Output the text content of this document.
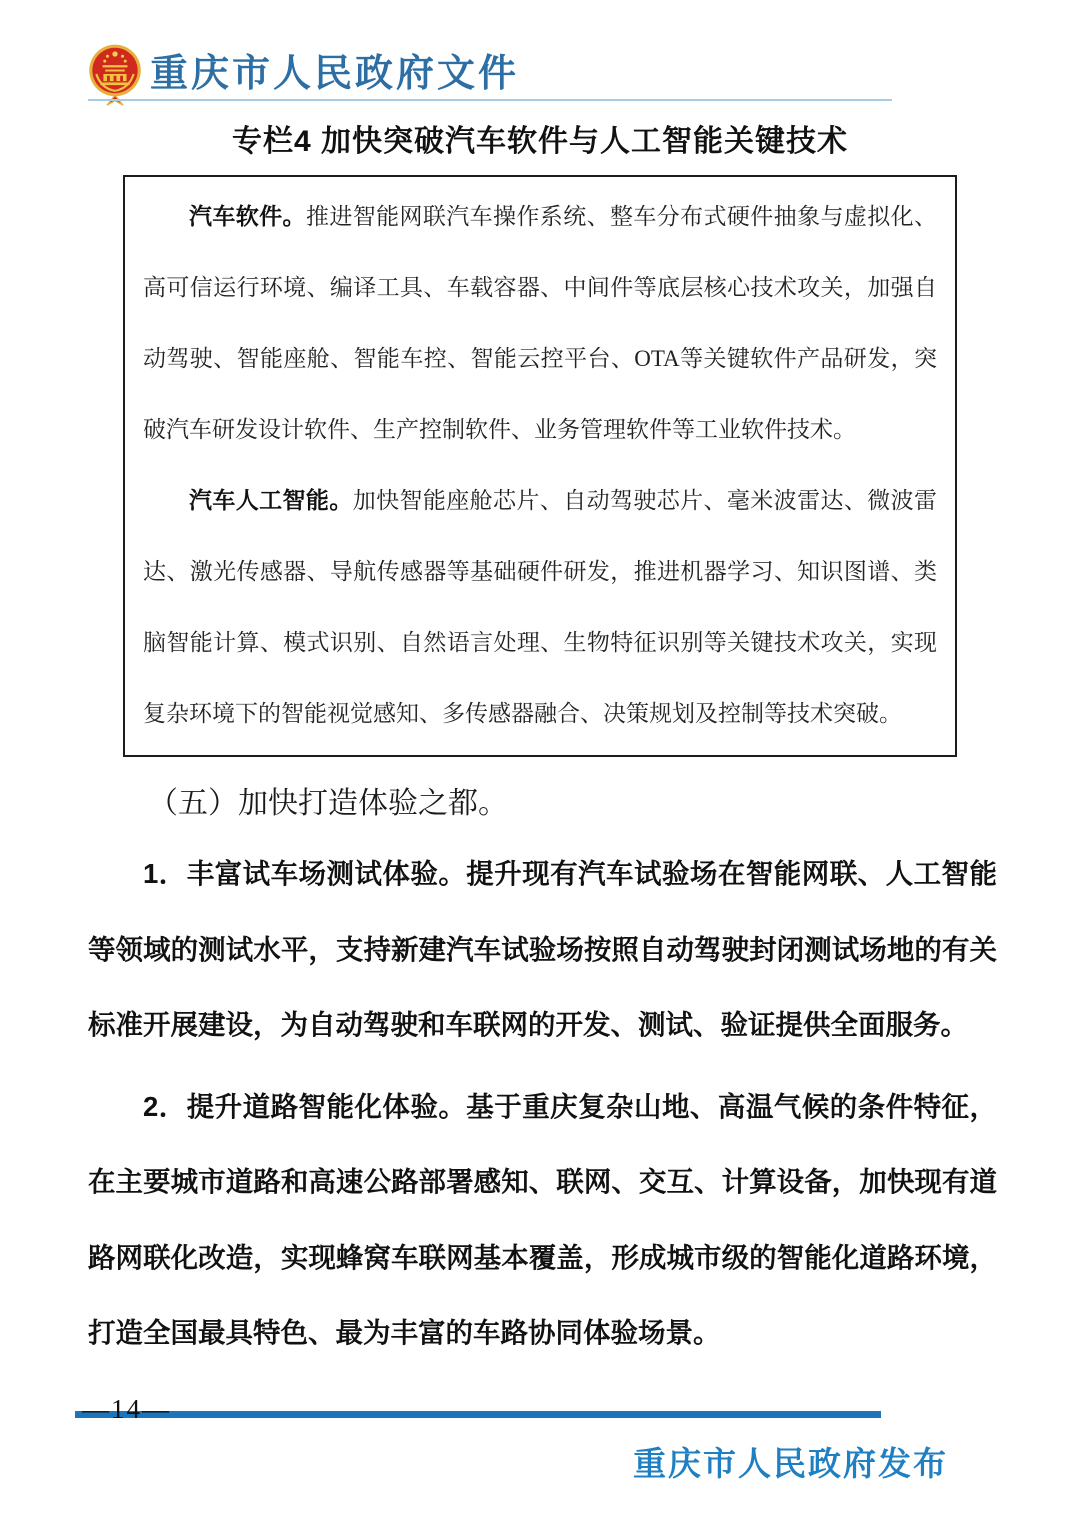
重庆市人民政府文件
专栏4 加快突破汽车软件与人工智能关键技术

汽车软件。推进智能网联汽车操作系统、整车分布式硬件抽象与虚拟化、高可信运行环境、编译工具、车载容器、中间件等底层核心技术攻关，加强自动驾驶、智能座舱、智能车控、智能云控平台、OTA等关键软件产品研发，突破汽车研发设计软件、生产控制软件、业务管理软件等工业软件技术。

汽车人工智能。加快智能座舱芯片、自动驾驶芯片、毫米波雷达、微波雷达、激光传感器、导航传感器等基础硬件研发，推进机器学习、知识图谱、类脑智能计算、模式识别、自然语言处理、生物特征识别等关键技术攻关，实现复杂环境下的智能视觉感知、多传感器融合、决策规划及控制等技术突破。

（五）加快打造体验之都。

1．丰富试车场测试体验。提升现有汽车试验场在智能网联、人工智能等领域的测试水平，支持新建汽车试验场按照自动驾驶封闭测试场地的有关标准开展建设，为自动驾驶和车联网的开发、测试、验证提供全面服务。

2．提升道路智能化体验。基于重庆复杂山地、高温气候的条件特征，在主要城市道路和高速公路部署感知、联网、交互、计算设备，加快现有道路网联化改造，实现蜂窝车联网基本覆盖，形成城市级的智能化道路环境，打造全国最具特色、最为丰富的车路协同体验场景。

—14—
重庆市人民政府发布
